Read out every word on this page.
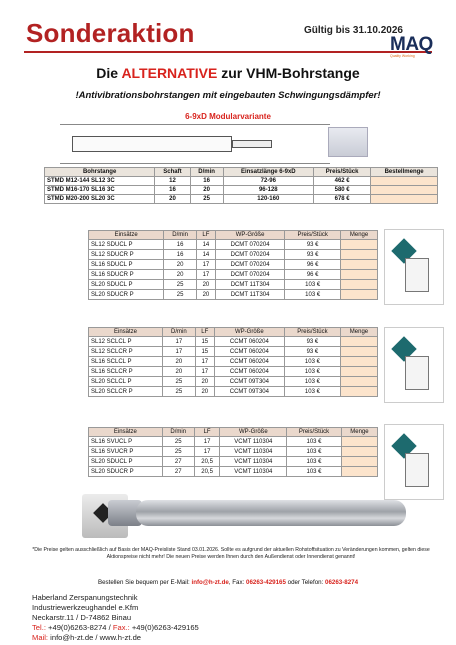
Sonderaktion	Gültig bis 31.10.2026
MAQ
Quality Working
Die ALTERNATIVE zur VHM-Bohrstange
!Antivibrationsbohrstangen mit eingebauten Schwingungsdämpfer!
6-9xD Modularvariante
Bohrstange	Schaft	D/min	Einsatzlänge 6-9xD	Preis/Stück	Bestellmenge
STMD M12-144 SL12 3C	12	16	72-96	462 €	
STMD M16-170 SL16 3C	16	20	96-128	580 €	
STMD M20-200 SL20 3C	20	25	120-160	678 €	
Einsätze	D/min	LF	WP-Größe	Preis/Stück	Menge
SL12 SDUCL P	16	14	DCMT 070204	93 €	
SL12 SDUCR P	16	14	DCMT 070204	93 €	
SL16 SDUCL P	20	17	DCMT 070204	96 €	
SL16 SDUCR P	20	17	DCMT 070204	96 €	
SL20 SDUCL P	25	20	DCMT 11T304	103 €	
SL20 SDUCR P	25	20	DCMT 11T304	103 €	
Einsätze	D/min	LF	WP-Größe	Preis/Stück	Menge
SL12 SCLCL P	17	15	CCMT 060204	93 €	
SL12 SCLCR P	17	15	CCMT 060204	93 €	
SL16 SCLCL P	20	17	CCMT 060204	103 €	
SL16 SCLCR P	20	17	CCMT 060204	103 €	
SL20 SCLCL P	25	20	CCMT 09T304	103 €	
SL20 SCLCR P	25	20	CCMT 09T304	103 €	
Einsätze	D/min	LF	WP-Größe	Preis/Stück	Menge
SL16 SVUCL P	25	17	VCMT 110304	103 €	
SL16 SVUCR P	25	17	VCMT 110304	103 €	
SL20 SDUCL P	27	20,5	VCMT 110304	103 €	
SL20 SDUCR P	27	20,5	VCMT 110304	103 €	
*Die Preise gelten ausschließlich auf Basis der MAQ-Preisliste Stand 03.01.2026. Sollte es aufgrund der aktuellen Rohstoffsituation zu Veränderungen kommen, gelten diese Aktionspreise nicht mehr! Die neuen Preise werden Ihnen durch den Außendienst oder Innendienst genannt!
Bestellen Sie bequem per E-Mail: info@h-zt.de, Fax: 06263-429165 oder Telefon: 06263-8274
Haberland Zerspanungstechnik
Industriewerkzeughandel e.Kfm
Neckarstr.11 / D-74862 Binau
Tel.: +49(0)6263-8274 / Fax.: +49(0)6263-429165
Mail: info@h-zt.de / www.h-zt.de
